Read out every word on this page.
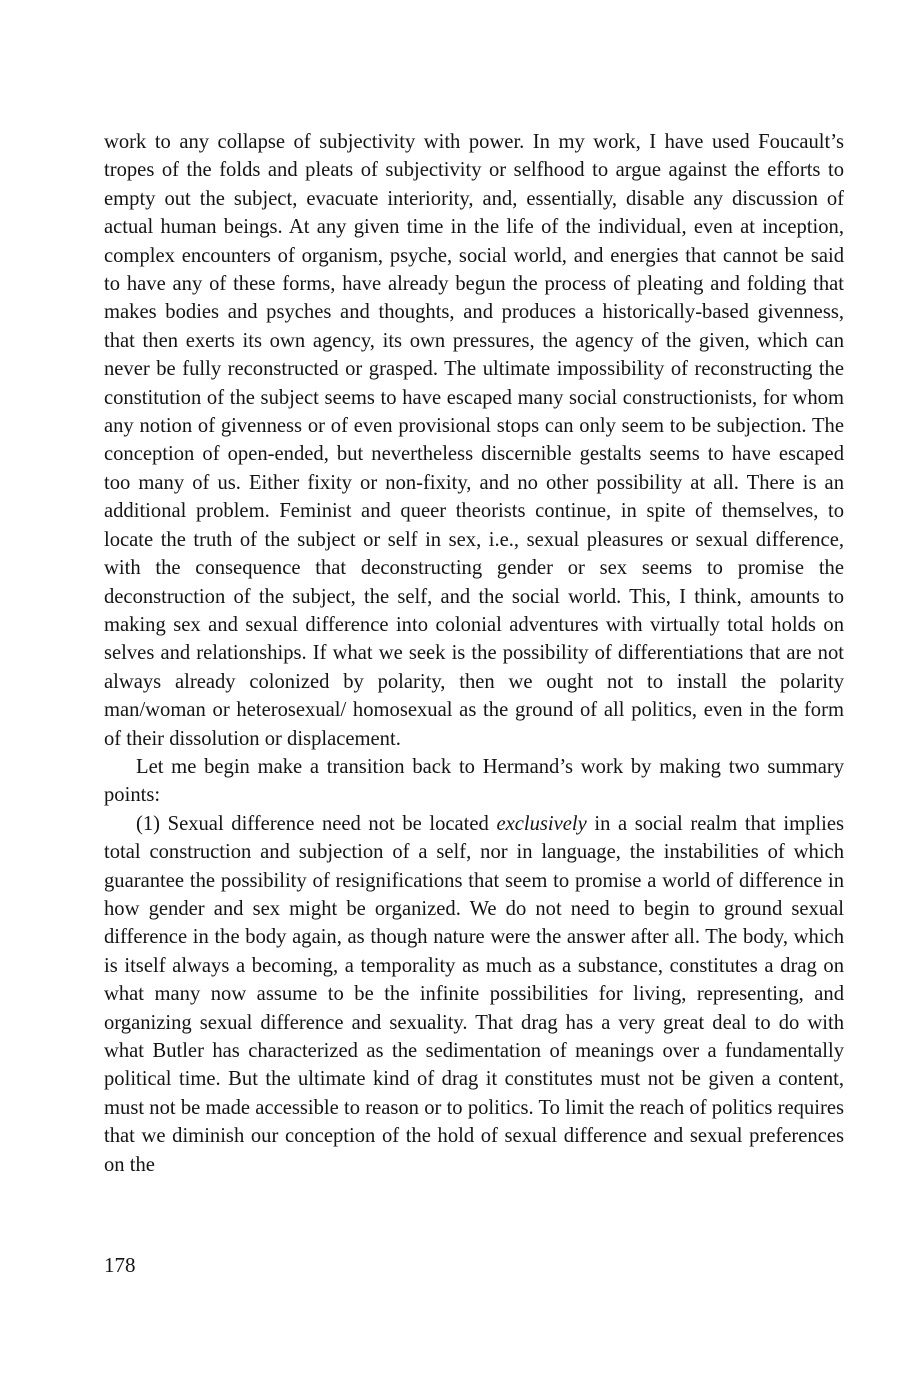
work to any collapse of subjectivity with power. In my work, I have used Foucault’s tropes of the folds and pleats of subjectivity or selfhood to argue against the efforts to empty out the subject, evacuate interiority, and, essentially, disable any discussion of actual human beings. At any given time in the life of the individual, even at inception, complex encounters of organism, psyche, social world, and energies that cannot be said to have any of these forms, have already begun the process of pleating and folding that makes bodies and psyches and thoughts, and produces a historically-based givenness, that then exerts its own agency, its own pressures, the agency of the given, which can never be fully reconstructed or grasped. The ultimate impossibility of reconstructing the constitution of the subject seems to have escaped many social constructionists, for whom any notion of givenness or of even provisional stops can only seem to be subjection. The conception of open-ended, but nevertheless discernible gestalts seems to have escaped too many of us. Either fixity or non-fixity, and no other possibility at all. There is an additional problem. Feminist and queer theorists continue, in spite of themselves, to locate the truth of the subject or self in sex, i.e., sexual pleasures or sexual difference, with the consequence that deconstructing gender or sex seems to promise the deconstruction of the subject, the self, and the social world. This, I think, amounts to making sex and sexual difference into colonial adventures with virtually total holds on selves and relationships. If what we seek is the possibility of differentiations that are not always already colonized by polarity, then we ought not to install the polarity man/woman or heterosexual/ homosexual as the ground of all politics, even in the form of their dissolution or displacement.

Let me begin make a transition back to Hermand’s work by making two summary points:

(1) Sexual difference need not be located exclusively in a social realm that implies total construction and subjection of a self, nor in language, the instabilities of which guarantee the possibility of resignifications that seem to promise a world of difference in how gender and sex might be organized. We do not need to begin to ground sexual difference in the body again, as though nature were the answer after all. The body, which is itself always a becoming, a temporality as much as a substance, constitutes a drag on what many now assume to be the infinite possibilities for living, representing, and organizing sexual difference and sexuality. That drag has a very great deal to do with what Butler has characterized as the sedimentation of meanings over a fundamentally political time. But the ultimate kind of drag it constitutes must not be given a content, must not be made accessible to reason or to politics. To limit the reach of politics requires that we diminish our conception of the hold of sexual difference and sexual preferences on the

178
